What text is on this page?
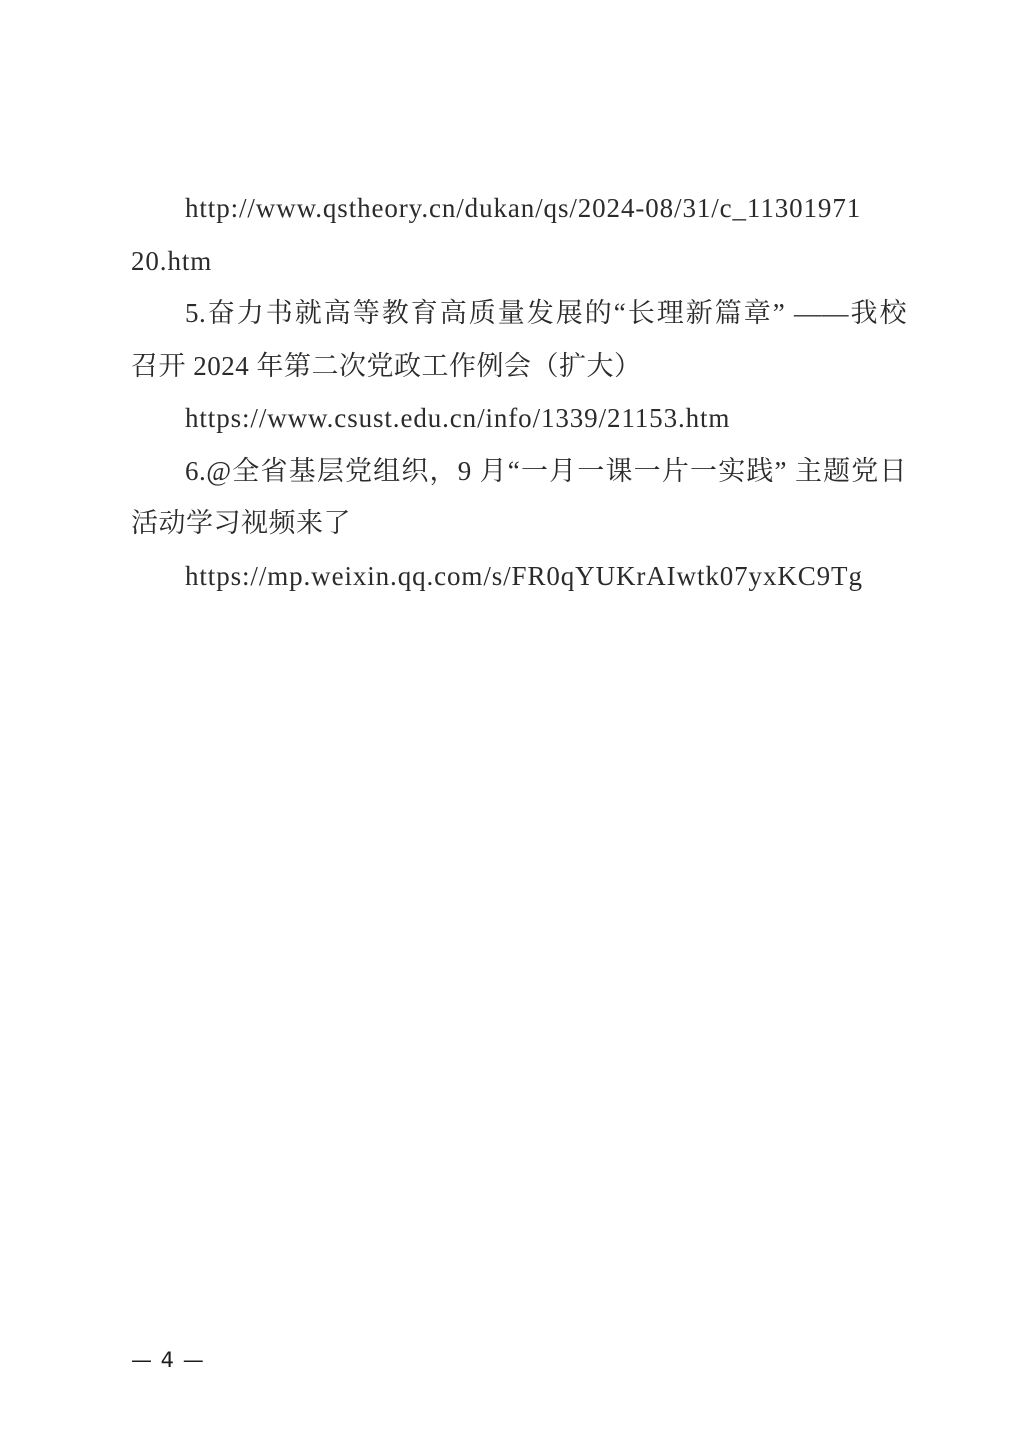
http://www.qstheory.cn/dukan/qs/2024-08/31/c_11301971
20.htm
5.奋力书就高等教育高质量发展的“长理新篇章” ——我校
召开 2024 年第二次党政工作例会（扩大）
https://www.csust.edu.cn/info/1339/21153.htm
6.@全省基层党组织，9 月“一月一课一片一实践” 主题党日
活动学习视频来了
https://mp.weixin.qq.com/s/FR0qYUKrAIwtk07yxKC9Tg
— 4 —
